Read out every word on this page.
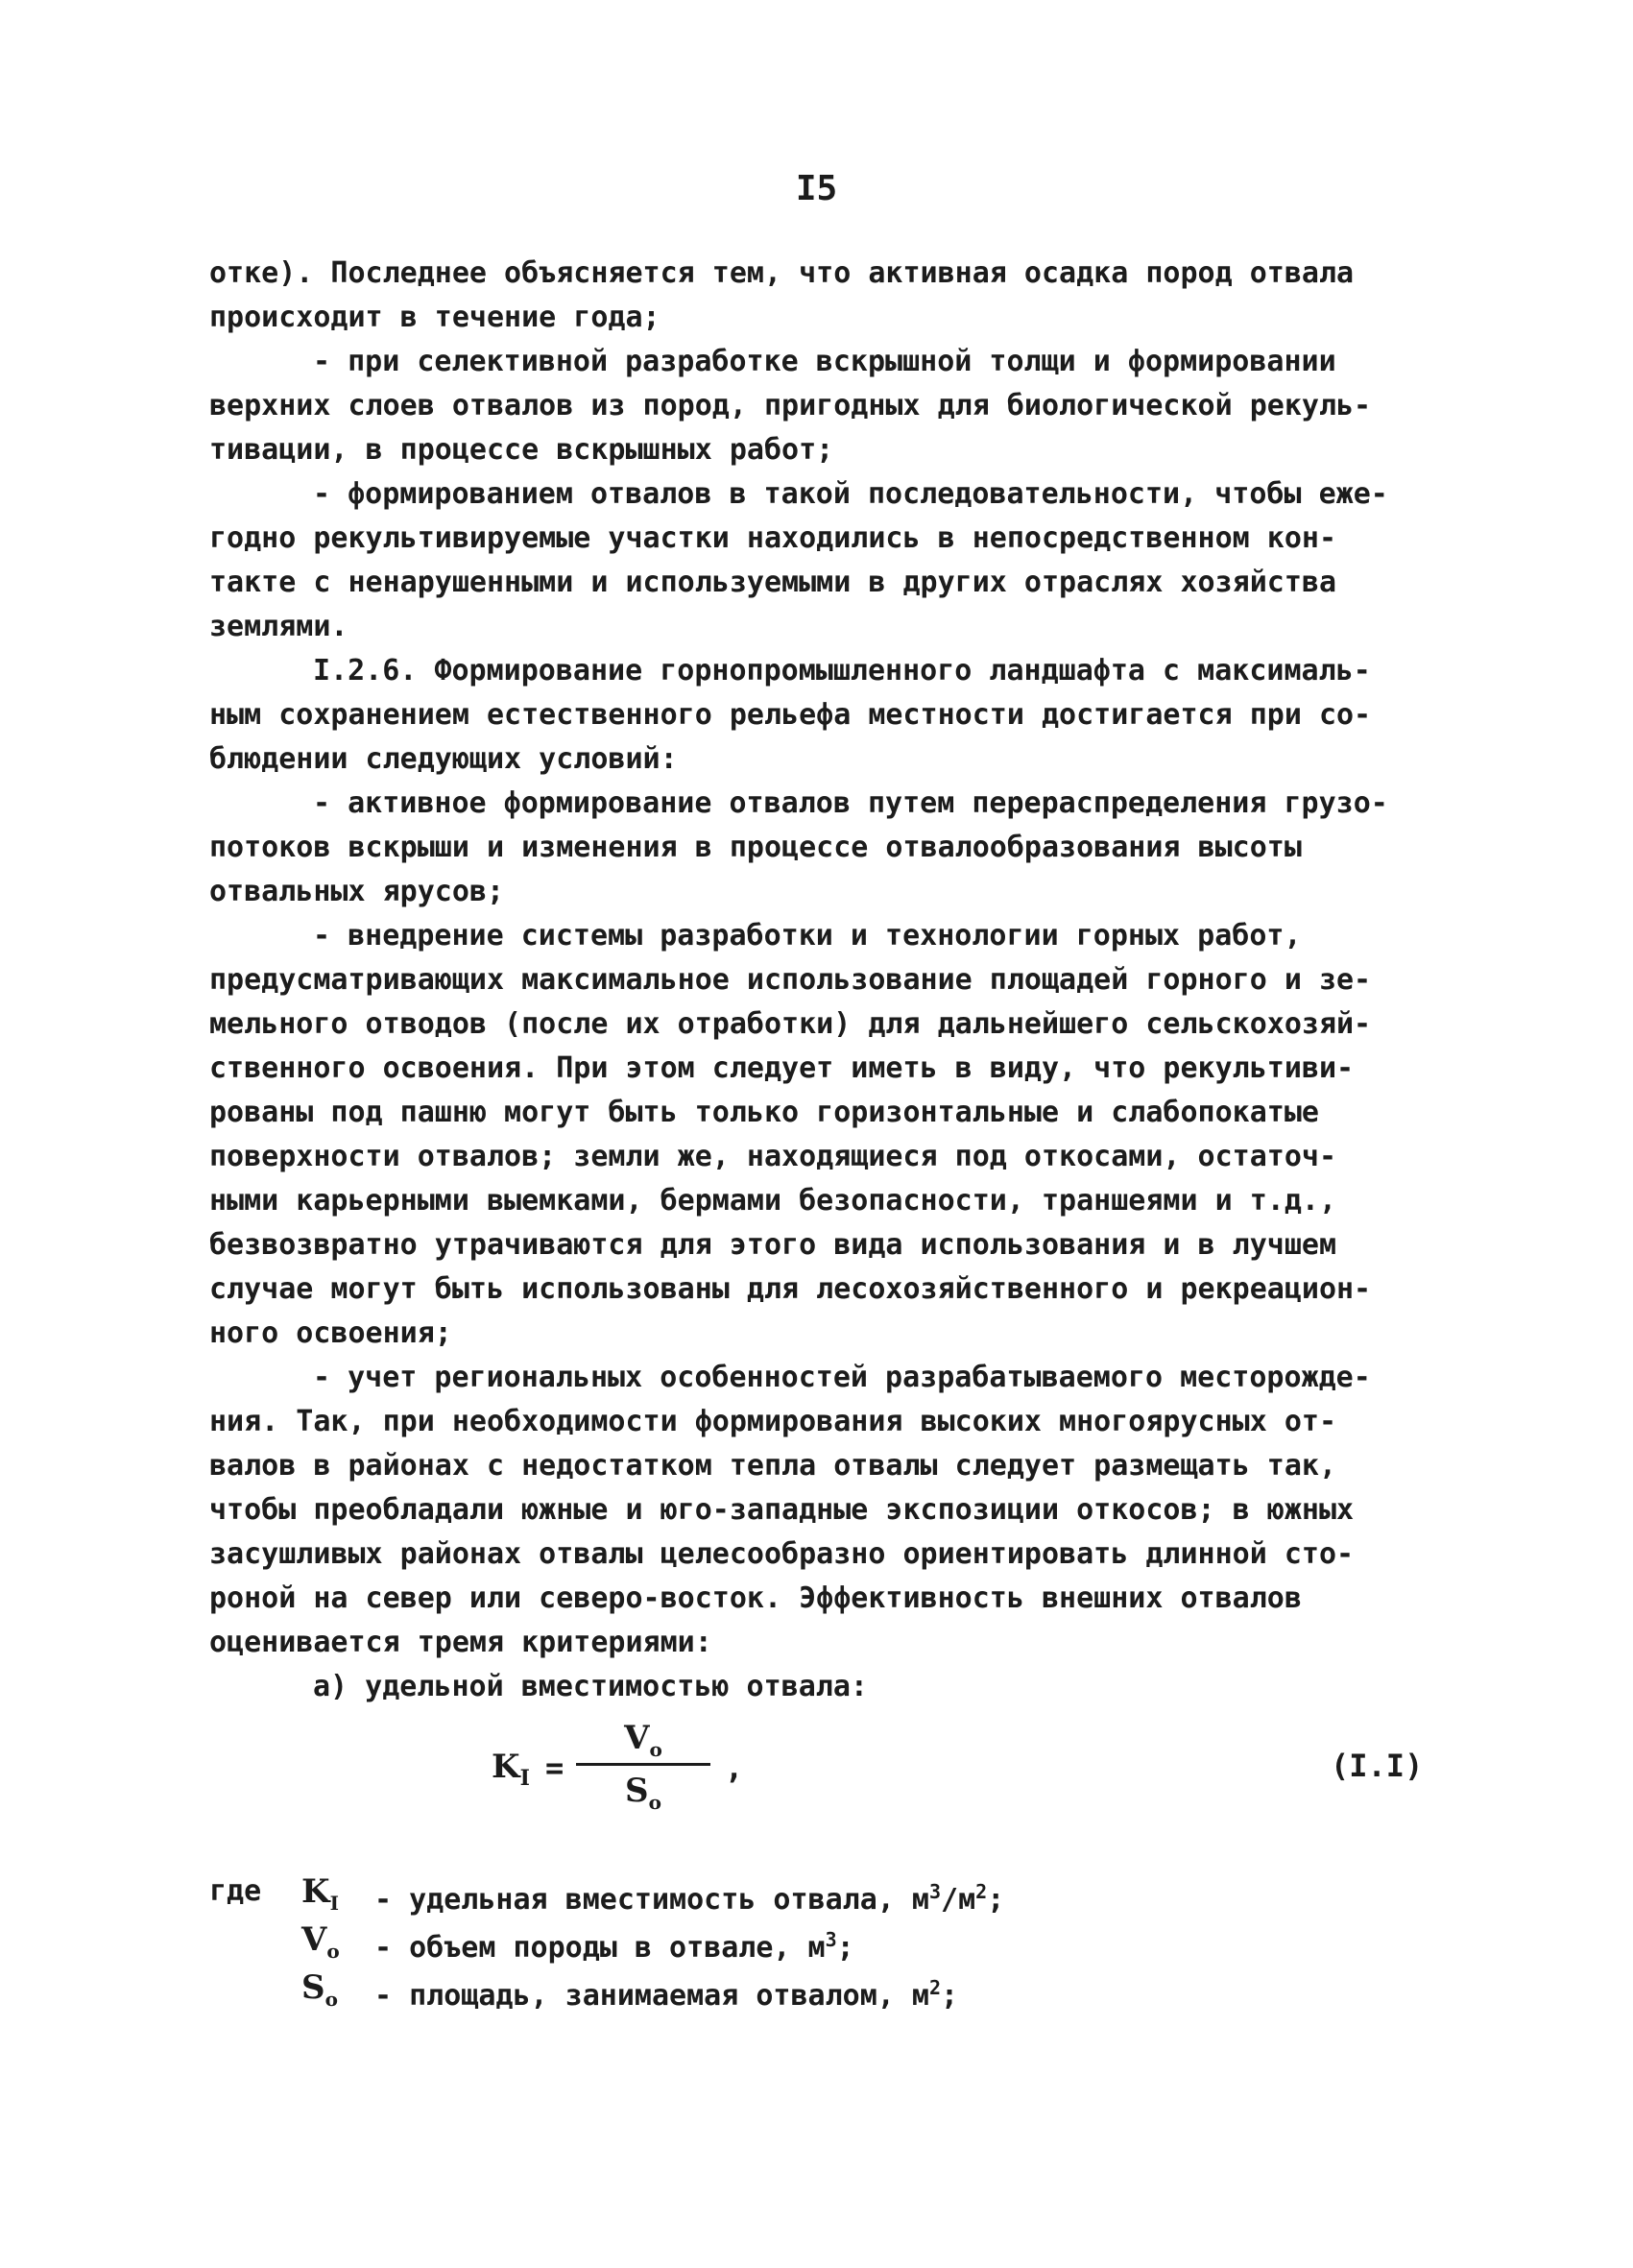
I5
отке). Последнее объясняется тем, что активная осадка пород отвала
происходит в течение года;
- при селективной разработке вскрышной толщи и формировании
верхних слоев отвалов из пород, пригодных для биологической рекуль-
тивации, в процессе вскрышных работ;
- формированием отвалов в такой последовательности, чтобы еже-
годно рекультивируемые участки находились в непосредственном кон-
такте с ненарушенными и используемыми в других отраслях хозяйства
землями.
I.2.6. Формирование горнопромышленного ландшафта с максималь-
ным сохранением естественного рельефа местности достигается при со-
блюдении следующих условий:
- активное формирование отвалов путем перераспределения грузо-
потоков вскрыши и изменения в процессе отвалообразования высоты
отвальных ярусов;
- внедрение системы разработки и технологии горных работ,
предусматривающих максимальное использование площадей горного и зе-
мельного отводов (после их отработки) для дальнейшего сельскохозяй-
ственного освоения. При этом следует иметь в виду, что рекультиви-
рованы под пашню могут быть только горизонтальные и слабопокатые
поверхности отвалов; земли же, находящиеся под откосами, остаточ-
ными карьерными выемками, бермами безопасности, траншеями и т.д.,
безвозвратно утрачиваются для этого вида использования и в лучшем
случае могут быть использованы для лесохозяйственного и рекреацион-
ного освоения;
- учет региональных особенностей разрабатываемого месторожде-
ния. Так, при необходимости формирования высоких многоярусных от-
валов в районах с недостатком тепла отвалы следует размещать так,
чтобы преобладали южные и юго-западные экспозиции откосов; в южных
засушливых районах отвалы целесообразно ориентировать длинной сто-
роной на север или северо-восток. Эффективность внешних отвалов
оценивается тремя критериями:
а) удельной вместимостью отвала:
$K_I$ =
$V_o$
$S_o$
,	(I.I)
где $K_I$ - удельная вместимость отвала, $м^3/м^2$;
$V_o$ - объем породы в отвале, $м^3$;
$S_o$ - площадь, занимаемая отвалом, $м^2$;
